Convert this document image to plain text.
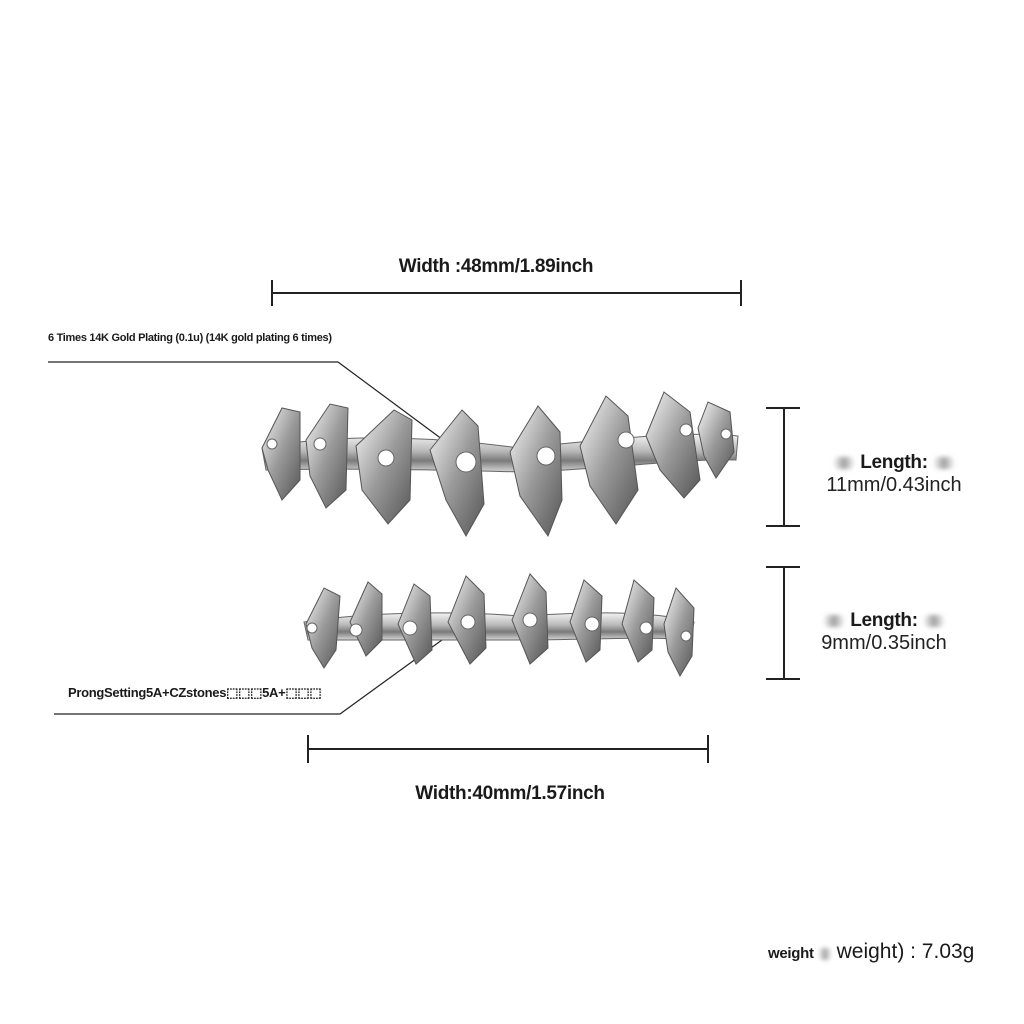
Width :48mm/1.89inch
6 Times 14K Gold Plating (0.1u) (14K gold plating 6 times)
ProngSetting5A+CZstones⬚⬚⬚5A+⬚⬚⬚
Length:
11mm/0.43inch
Length:
9mm/0.35inch
Width:40mm/1.57inch
weight weight) : 7.03g
